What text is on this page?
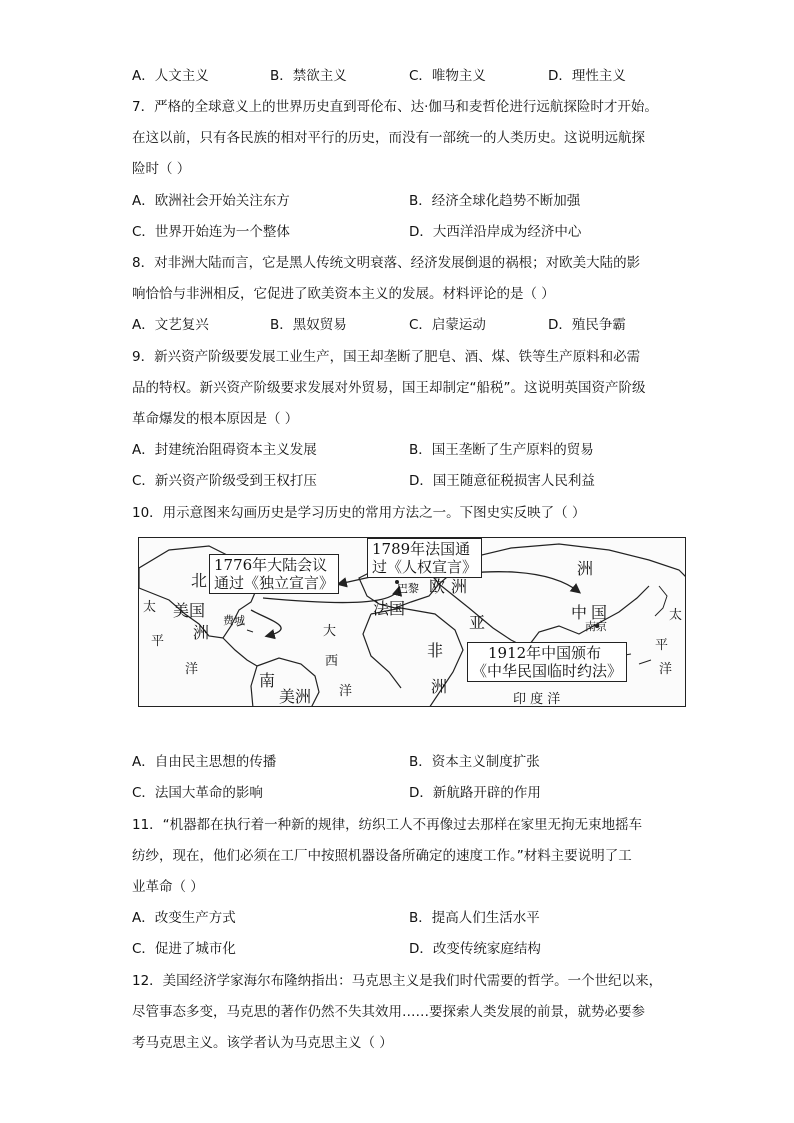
A．人文主义	B．禁欲主义	C．唯物主义	D．理性主义
7．严格的全球意义上的世界历史直到哥伦布、达·伽马和麦哲伦进行远航探险时才开始。
在这以前，只有各民族的相对平行的历史，而没有一部统一的人类历史。这说明远航探
险时（ ）
A．欧洲社会开始关注东方	B．经济全球化趋势不断加强
C．世界开始连为一个整体	D．大西洋沿岸成为经济中心
8．对非洲大陆而言，它是黑人传统文明衰落、经济发展倒退的祸根；对欧美大陆的影
响恰恰与非洲相反，它促进了欧美资本主义的发展。材料评论的是（ ）
A．文艺复兴	B．黑奴贸易	C．启蒙运动	D．殖民争霸
9．新兴资产阶级要发展工业生产，国王却垄断了肥皂、酒、煤、铁等生产原料和必需
品的特权。新兴资产阶级要求发展对外贸易，国王却制定“船税”。这说明英国资产阶级
革命爆发的根本原因是（ ）
A．封建统治阻碍资本主义发展	B．国王垄断了生产原料的贸易
C．新兴资产阶级受到王权打压	D．国王随意征税损害人民利益
10．用示意图来勾画历史是学习历史的常用方法之一。下图史实反映了（ ）
1776年大陆会议
通过《独立宣言》
1789年法国通
过《人权宣言》
1912年中国颁布
《中华民国临时约法》
北
美国
洲
费城
太
平
洋
大
西
洋
南
美洲
巴黎 欧洲
法国
亚
非
洲
洲
中国
南京
太
平
洋
印 度 洋
A．自由民主思想的传播	B．资本主义制度扩张
C．法国大革命的影响	D．新航路开辟的作用
11．“机器都在执行着一种新的规律，纺织工人不再像过去那样在家里无拘无束地摇车
纺纱，现在，他们必须在工厂中按照机器设备所确定的速度工作。”材料主要说明了工
业革命（ ）
A．改变生产方式	B．提高人们生活水平
C．促进了城市化	D．改变传统家庭结构
12．美国经济学家海尔布隆纳指出：马克思主义是我们时代需要的哲学。一个世纪以来，
尽管事态多变，马克思的著作仍然不失其效用……要探索人类发展的前景，就势必要参
考马克思主义。该学者认为马克思主义（ ）
